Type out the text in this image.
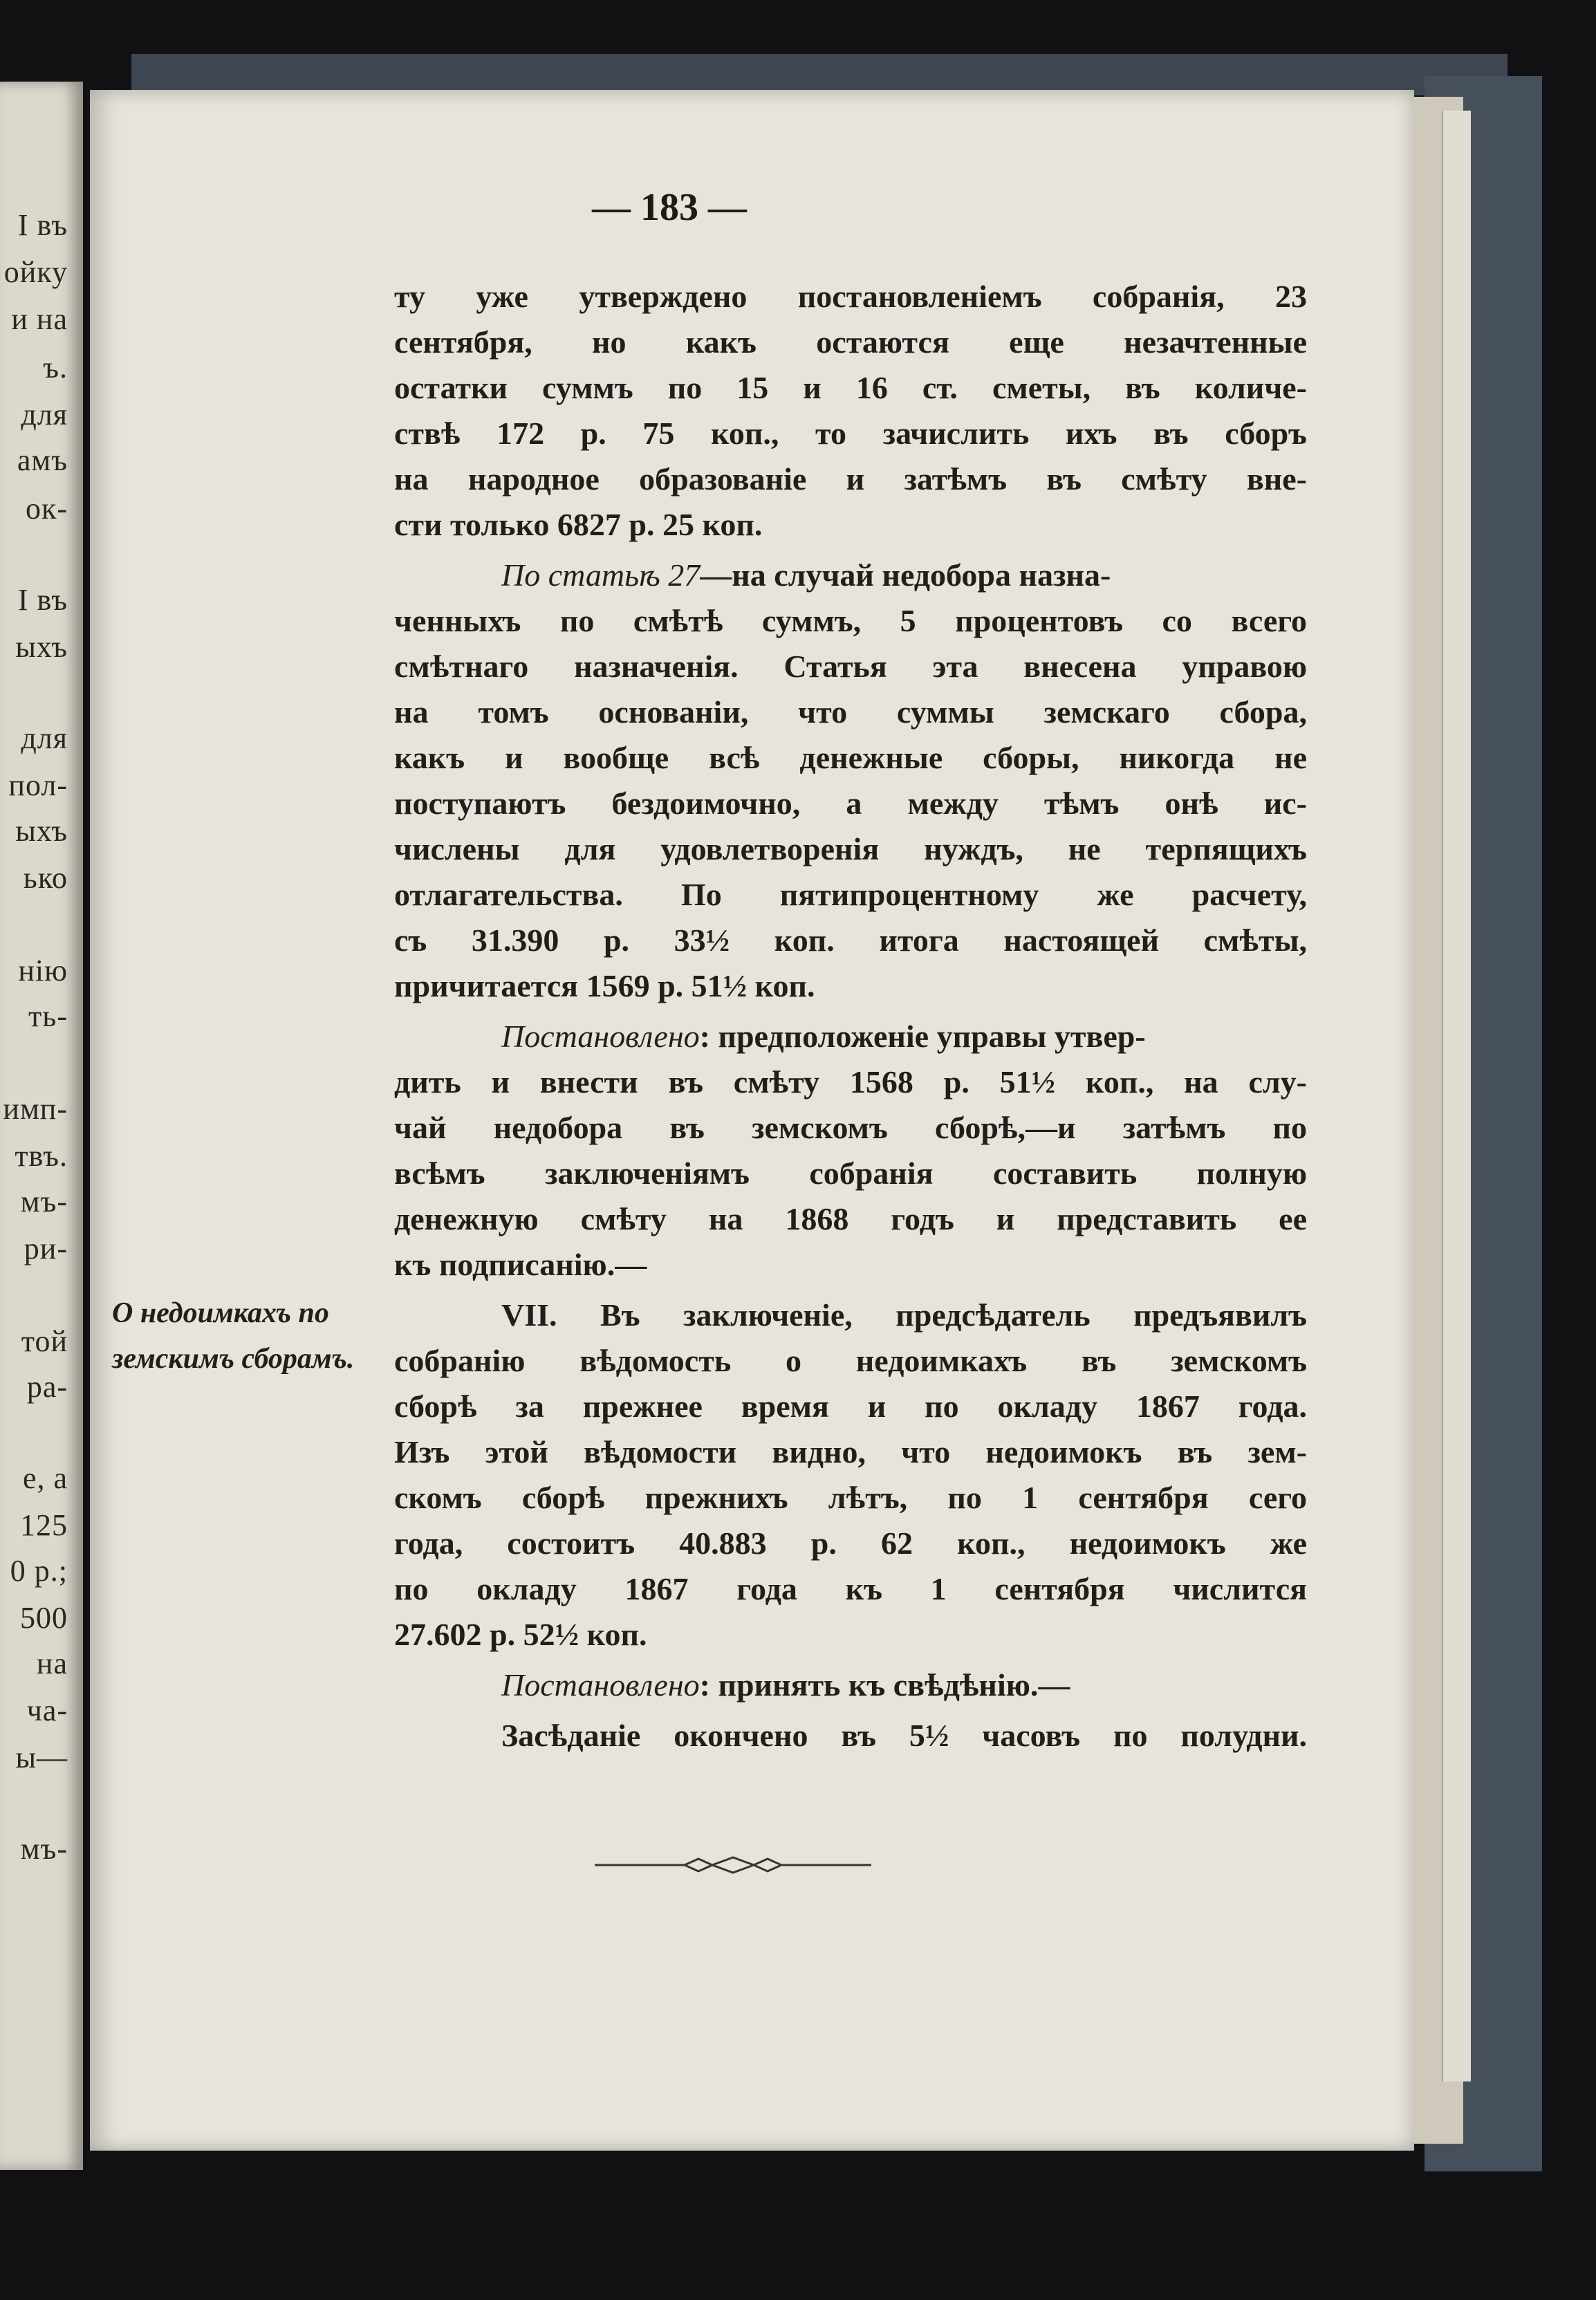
І въ
ойку
и на
ъ.
для
амъ
ок-
І въ
ыхъ
для
пол-
ыхъ
ько
нію
ть-
имп-
твъ.
мъ-
ри-
той
ра-
е, а
125
0 р.;
500
на
ча-
ы—
мъ-
— 183 —
ту уже утверждено постановленіемъ собранія, 23
сентября, но какъ остаются еще незачтенные
остатки суммъ по 15 и 16 ст. сметы, въ количе-
ствѣ 172 р. 75 коп., то зачислить ихъ въ сборъ
на народное образованіе и затѣмъ въ смѣту внe-
сти только 6827 р. 25 коп.
По статьѣ 27—на случай недобора назна-
ченныхъ по смѣтѣ суммъ, 5 процентовъ со всего
смѣтнаго назначенія. Статья эта внесена управою
на томъ основаніи, что суммы земскаго сбора,
какъ и вообще всѣ денежные сборы, никогда не
поступаютъ бездоимочно, а между тѣмъ онѣ ис-
числены для удовлетворенія нуждъ, не терпящихъ
отлагательства. По пятипроцентному же расчету,
съ 31.390 р. 33½ коп. итога настоящей смѣты,
причитается 1569 р. 51½ коп.
Постановлено: предположеніе управы утвер-
дить и внести въ смѣту 1568 р. 51½ коп., на слу-
чай недобора въ земскомъ сборѣ,—и затѣмъ по
всѣмъ заключеніямъ собранія составить полную
денежную смѣту на 1868 годъ и представить ее
къ подписанію.—
VII. Въ заключеніе, предсѣдатель предъявилъ
собранію вѣдомость о недоимкахъ въ земскомъ
сборѣ за прежнее время и по окладу 1867 года.
Изъ этой вѣдомости видно, что недоимокъ въ зем-
скомъ сборѣ прежнихъ лѣтъ, по 1 сентября сего
года, состоитъ 40.883 р. 62 коп., недоимокъ же
по окладу 1867 года къ 1 сентября числится
27.602 р. 52½ коп.
Постановлено: принять къ свѣдѣнію.—
Засѣданіе окончено въ 5½ часовъ по полудни.
О недоимкахъ по
земскимъ сборамъ.
